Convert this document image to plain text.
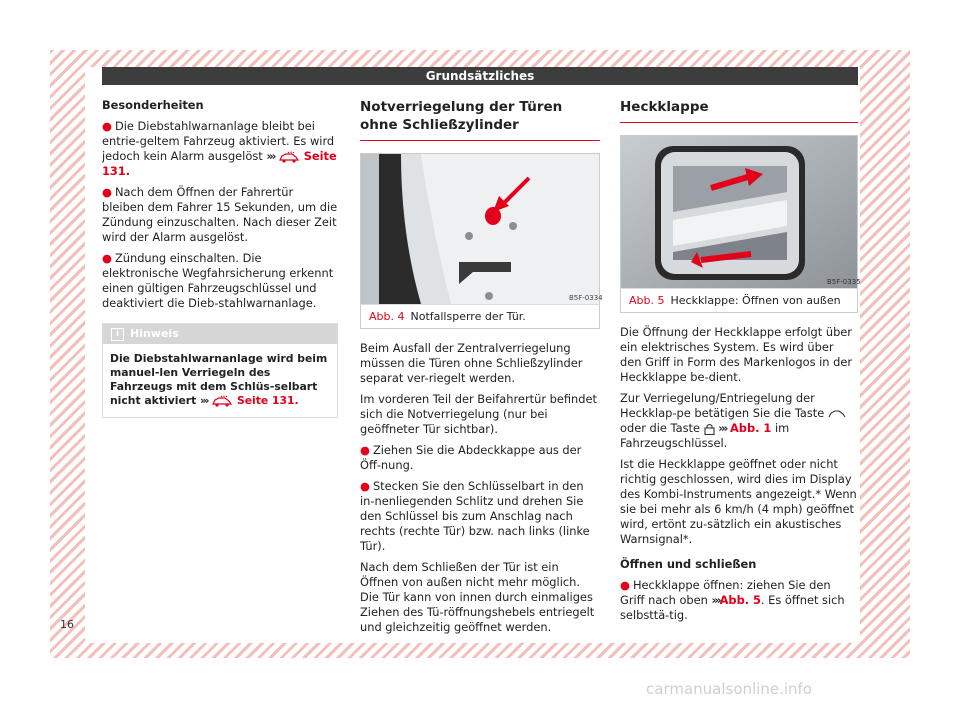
Grundsätzliches
Besonderheiten
● Die Diebstahlwarnanlage bleibt bei entrie-geltem Fahrzeug aktiviert. Es wird jedoch kein Alarm ausgelöst ›››	Seite 131.
● Nach dem Öffnen der Fahrertür bleiben dem Fahrer 15 Sekunden, um die Zündung einzuschalten. Nach dieser Zeit wird der Alarm ausgelöst.
● Zündung einschalten. Die elektronische Wegfahrsicherung erkennt einen gültigen Fahrzeugschlüssel und deaktiviert die Dieb-stahlwarnanlage.
i Hinweis
Die Diebstahlwarnanlage wird beim manuel-len Verriegeln des Fahrzeugs mit dem Schlüs-selbart nicht aktiviert ›››	Seite 131.
Notverriegelung der Türen ohne Schließzylinder
B5F-0334
Abb. 4 Notfallsperre der Tür.
Beim Ausfall der Zentralverriegelung müssen die Türen ohne Schließzylinder separat ver-riegelt werden.
Im vorderen Teil der Beifahrertür befindet sich die Notverriegelung (nur bei geöffneter Tür sichtbar).
● Ziehen Sie die Abdeckkappe aus der Öff-nung.
● Stecken Sie den Schlüsselbart in den in-nenliegenden Schlitz und drehen Sie den Schlüssel bis zum Anschlag nach rechts (rechte Tür) bzw. nach links (linke Tür).
Nach dem Schließen der Tür ist ein Öffnen von außen nicht mehr möglich. Die Tür kann von innen durch einmaliges Ziehen des Tü-röffnungshebels entriegelt und gleichzeitig geöffnet werden.
Heckklappe
B5F-0335
Abb. 5 Heckklappe: Öffnen von außen
Die Öffnung der Heckklappe erfolgt über ein elektrisches System. Es wird über den Griff in Form des Markenlogos in der Heckklappe be-dient.
Zur Verriegelung/Entriegelung der Heckklap-pe betätigen Sie die Taste  oder die Taste ››› Abb. 1 im Fahrzeugschlüssel.
Ist die Heckklappe geöffnet oder nicht richtig geschlossen, wird dies im Display des Kombi-Instruments angezeigt.* Wenn sie bei mehr als 6 km/h (4 mph) geöffnet wird, ertönt zu-sätzlich ein akustisches Warnsignal*.
Öffnen und schließen
● Heckklappe öffnen: ziehen Sie den Griff nach oben ›››Abb. 5. Es öffnet sich selbsttä-tig.
16
carmanualsonline.info
